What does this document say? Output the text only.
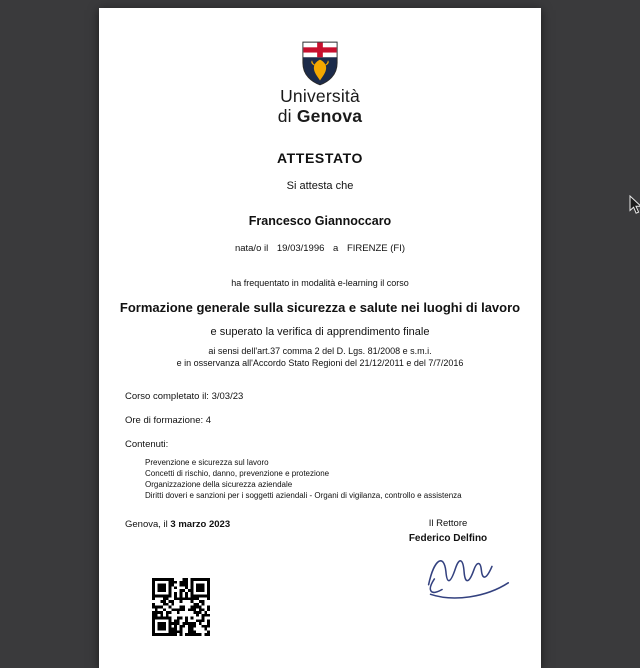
Università
di Genova
ATTESTATO
Si attesta che
Francesco Giannoccaro
nata/o il 19/03/1996 a FIRENZE (FI)
ha frequentato in modalità e-learning il corso
Formazione generale sulla sicurezza e salute nei luoghi di lavoro
e superato la verifica di apprendimento finale
ai sensi dell'art.37 comma 2 del D. Lgs. 81/2008 e s.m.i.
e in osservanza all'Accordo Stato Regioni del 21/12/2011 e del 7/7/2016
Corso completato il: 3/03/23
Ore di formazione: 4
Contenuti:
Prevenzione e sicurezza sul lavoro
Concetti di rischio, danno, prevenzione e protezione
Organizzazione della sicurezza aziendale
Diritti doveri e sanzioni per i soggetti aziendali - Organi di vigilanza, controllo e assistenza
Genova, il 3 marzo 2023	Il Rettore
Federico Delfino
